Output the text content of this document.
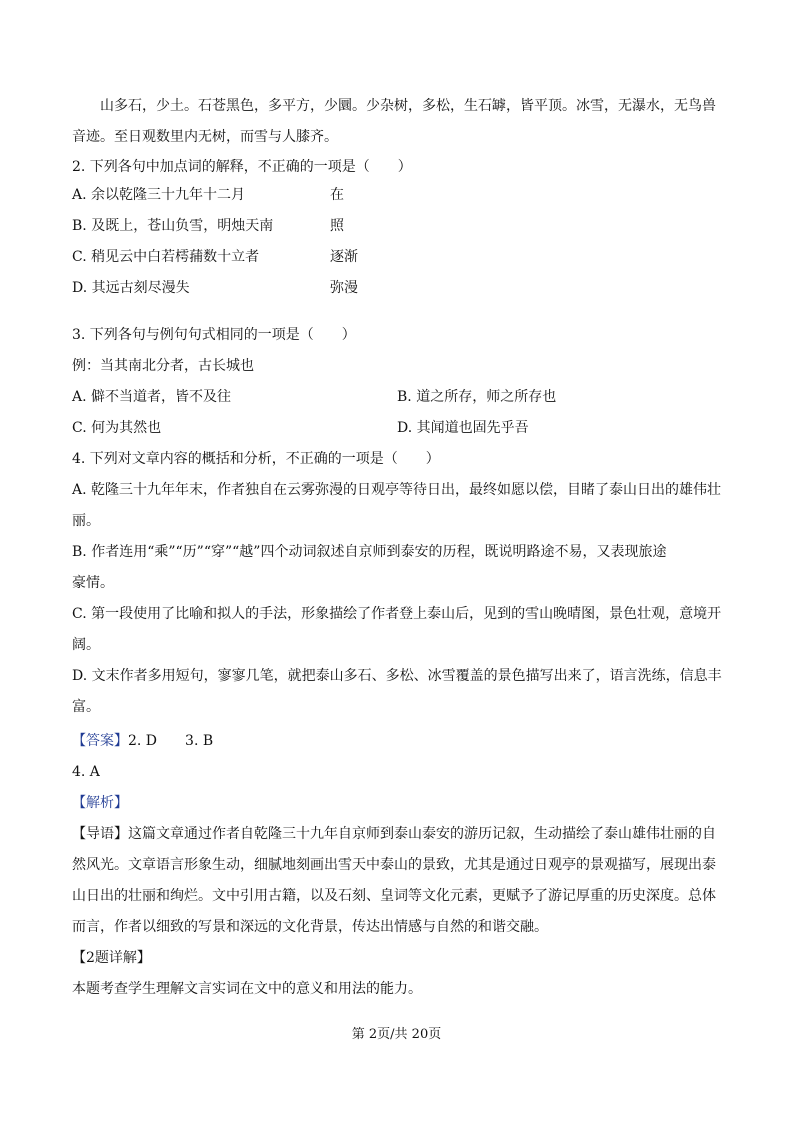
山多石，少土。石苍黑色，多平方，少圜。少杂树，多松，生石罅，皆平顶。冰雪，无瀑水，无鸟兽
音迹。至日观数里内无树，而雪与人膝齐。
2. 下列各句中加点词的解释，不正确的一项是（　　）
A. 余以乾隆三十九年十二月	在
B. 及既上，苍山负雪，明烛天南	照
C. 稍见云中白若樗蒱数十立者	逐渐
D. 其远古刻尽漫失	弥漫
3. 下列各句与例句句式相同的一项是（　　）
例：当其南北分者，古长城也
A. 僻不当道者，皆不及往	B. 道之所存，师之所存也
C. 何为其然也	D. 其闻道也固先乎吾
4. 下列对文章内容的概括和分析，不正确的一项是（　　）
A. 乾隆三十九年年末，作者独自在云雾弥漫的日观亭等待日出，最终如愿以偿，目睹了泰山日出的雄伟壮
丽。
B. 作者连用“乘”“历”“穿”“越”四个动词叙述自京师到泰安的历程，既说明路途不易，又表现旅途
豪情。
C. 第一段使用了比喻和拟人的手法，形象描绘了作者登上泰山后，见到的雪山晚晴图，景色壮观，意境开
阔。
D. 文末作者多用短句，寥寥几笔，就把泰山多石、多松、冰雪覆盖的景色描写出来了，语言洗练，信息丰
富。
【答案】2. D　　3. B
4. A
【解析】
【导语】这篇文章通过作者自乾隆三十九年自京师到泰山泰安的游历记叙，生动描绘了泰山雄伟壮丽的自
然风光。文章语言形象生动，细腻地刻画出雪天中泰山的景致，尤其是通过日观亭的景观描写，展现出泰
山日出的壮丽和绚烂。文中引用古籍，以及石刻、皇词等文化元素，更赋予了游记厚重的历史深度。总体
而言，作者以细致的写景和深远的文化背景，传达出情感与自然的和谐交融。
【2题详解】
本题考查学生理解文言实词在文中的意义和用法的能力。
第 2页/共 20页
